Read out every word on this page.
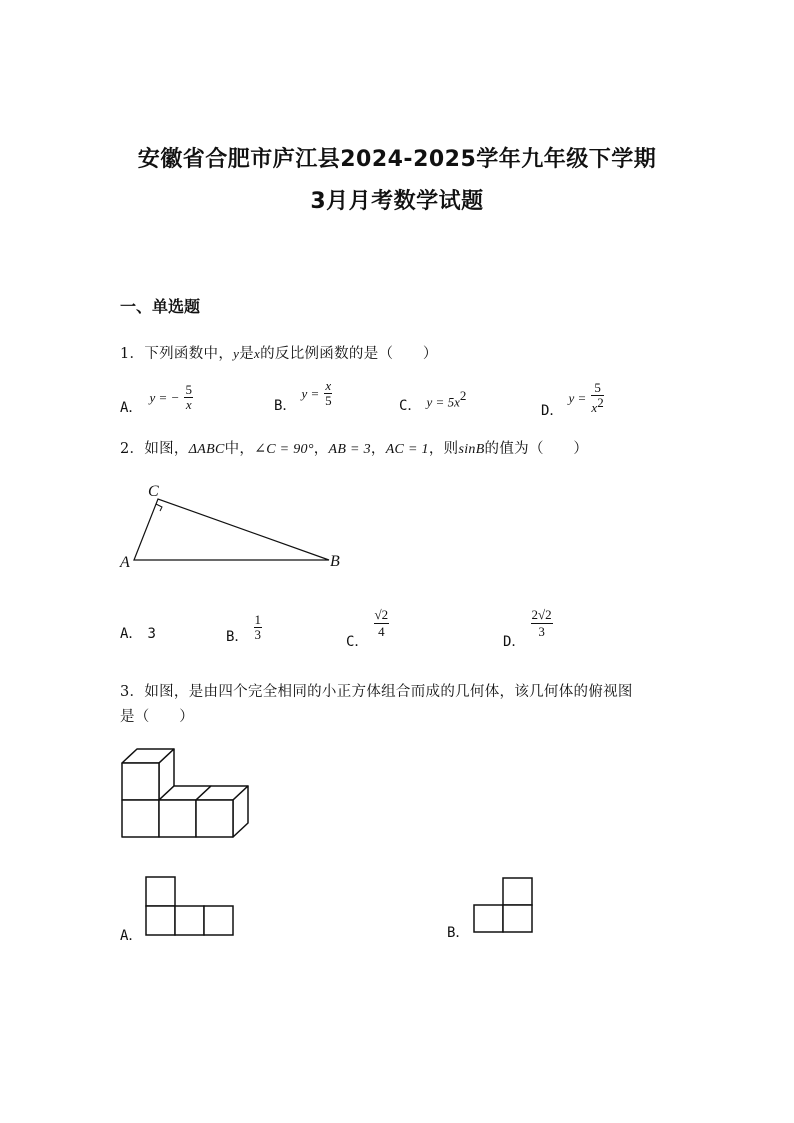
安徽省合肥市庐江县2024-2025学年九年级下学期
3月月考数学试题
一、单选题
1．下列函数中，y是x的反比例函数的是（　　）
A． y = − $\frac{5}{x}$	B． $y = \frac{x}{5}$	C． $y = 5x^2$
D． $y = \frac{5}{x^2}$
2．如图，ΔABC中，∠C = 90°，AB = 3，AC = 1，则sinB的值为（　　）
C
A	B
A． 3	B． $\frac{1}{3}$
C．
$\frac{√2}{4}$
D．
$\frac{2√2}{3}$
3．如图，是由四个完全相同的小正方体组合而成的几何体，该几何体的俯视图
是（　　）
A．	B．
